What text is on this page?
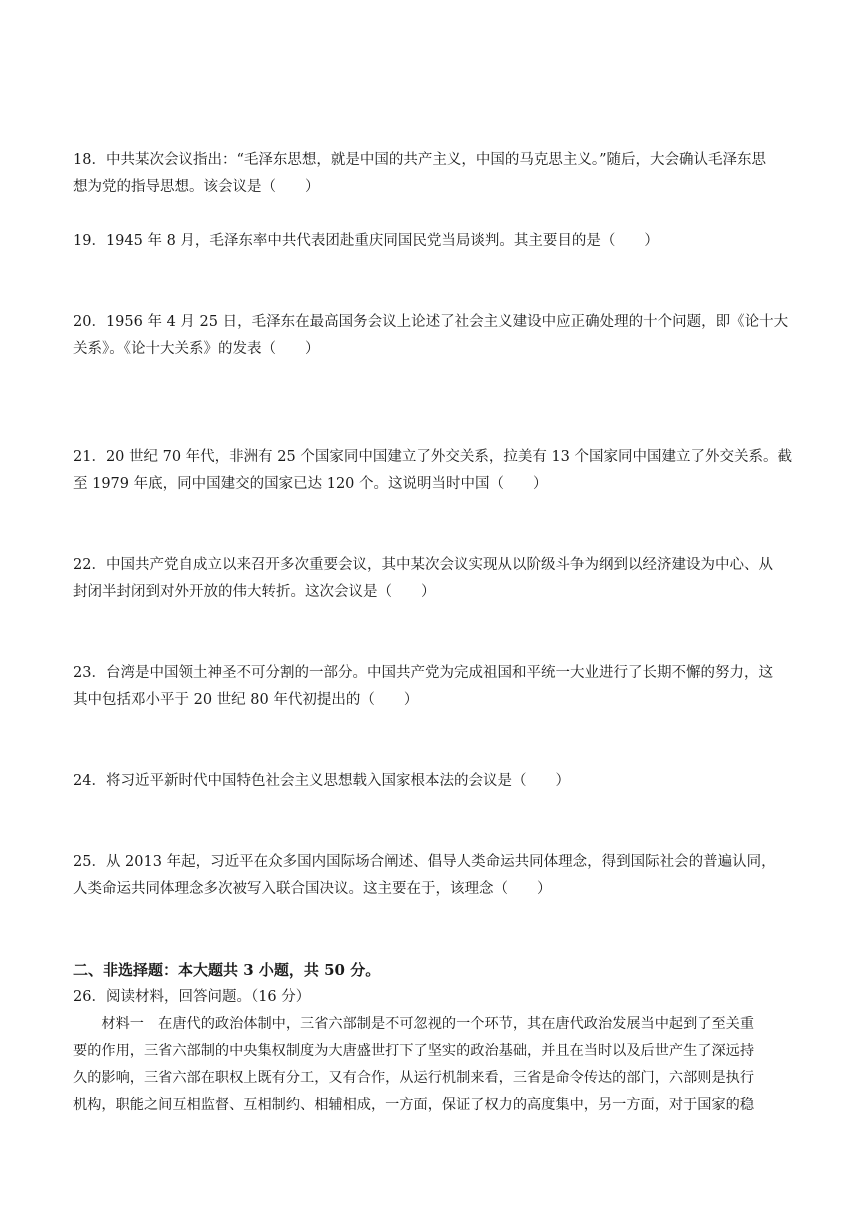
18．中共某次会议指出：“毛泽东思想，就是中国的共产主义，中国的马克思主义。”随后，大会确认毛泽东思
想为党的指导思想。该会议是（　　）
19．1945 年 8 月，毛泽东率中共代表团赴重庆同国民党当局谈判。其主要目的是（　　）
20．1956 年 4 月 25 日，毛泽东在最高国务会议上论述了社会主义建设中应正确处理的十个问题，即《论十大
关系》。《论十大关系》的发表（　　）
21．20 世纪 70 年代，非洲有 25 个国家同中国建立了外交关系，拉美有 13 个国家同中国建立了外交关系。截
至 1979 年底，同中国建交的国家已达 120 个。这说明当时中国（　　）
22．中国共产党自成立以来召开多次重要会议，其中某次会议实现从以阶级斗争为纲到以经济建设为中心、从
封闭半封闭到对外开放的伟大转折。这次会议是（　　）
23．台湾是中国领土神圣不可分割的一部分。中国共产党为完成祖国和平统一大业进行了长期不懈的努力，这
其中包括邓小平于 20 世纪 80 年代初提出的（　　）
24．将习近平新时代中国特色社会主义思想载入国家根本法的会议是（　　）
25．从 2013 年起，习近平在众多国内国际场合阐述、倡导人类命运共同体理念，得到国际社会的普遍认同，
人类命运共同体理念多次被写入联合国决议。这主要在于，该理念（　　）
二、非选择题：本大题共 3 小题，共 50 分。
26．阅读材料，回答问题。（16 分）
材料一　 在唐代的政治体制中，三省六部制是不可忽视的一个环节，其在唐代政治发展当中起到了至关重
要的作用，三省六部制的中央集权制度为大唐盛世打下了坚实的政治基础，并且在当时以及后世产生了深远持
久的影响，三省六部在职权上既有分工，又有合作，从运行机制来看，三省是命令传达的部门，六部则是执行
机构，职能之间互相监督、互相制约、相辅相成，一方面，保证了权力的高度集中，另一方面，对于国家的稳
